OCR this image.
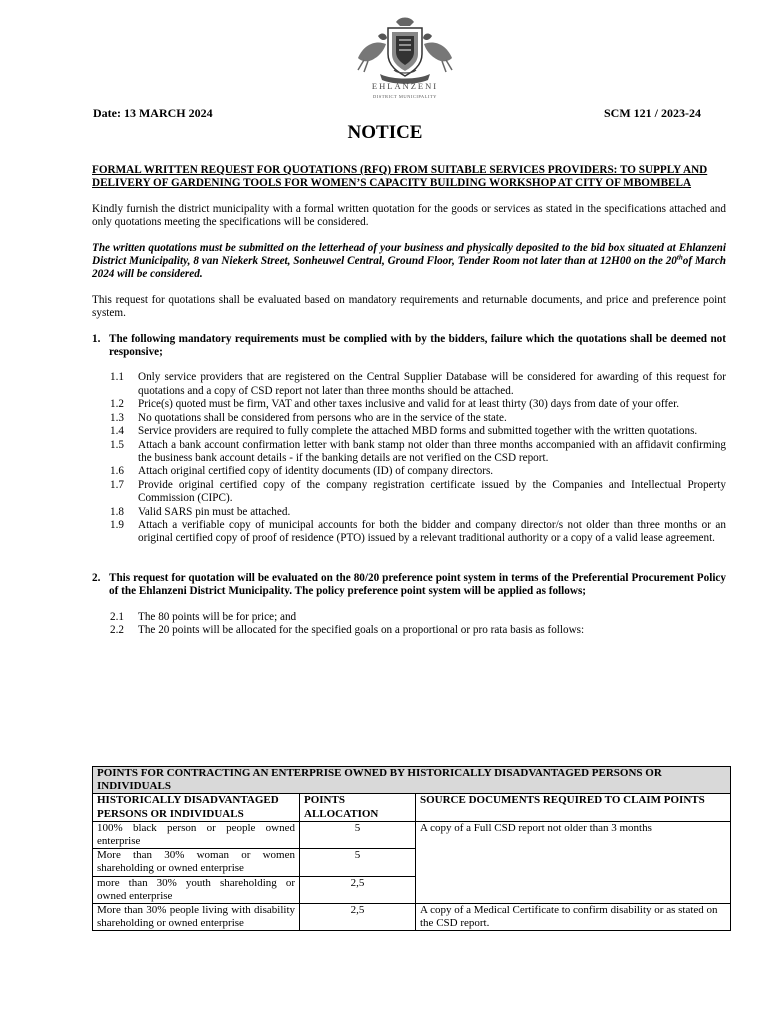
EHLANZENI
DISTRICT MUNICIPALITY
Date: 13 MARCH 2024	SCM 121 / 2023-24
NOTICE

FORMAL WRITTEN REQUEST FOR QUOTATIONS (RFQ) FROM SUITABLE SERVICES PROVIDERS: TO SUPPLY AND DELIVERY OF GARDENING TOOLS FOR WOMEN’S CAPACITY BUILDING WORKSHOP AT CITY OF MBOMBELA

Kindly furnish the district municipality with a formal written quotation for the goods or services as stated in the specifications attached and only quotations meeting the specifications will be considered.

The written quotations must be submitted on the letterhead of your business and physically deposited to the bid box situated at Ehlanzeni District Municipality, 8 van Niekerk Street, Sonheuwel Central, Ground Floor, Tender Room not later than at 12H00 on the 20thof March 2024 will be considered.

This request for quotations shall be evaluated based on mandatory requirements and returnable documents, and price and preference point system.

1. The following mandatory requirements must be complied with by the bidders, failure which the quotations shall be deemed not responsive;
1.1	Only service providers that are registered on the Central Supplier Database will be considered for awarding of this request for quotations and a copy of CSD report not later than three months should be attached.
1.2	Price(s) quoted must be firm, VAT and other taxes inclusive and valid for at least thirty (30) days from date of your offer.
1.3	No quotations shall be considered from persons who are in the service of the state.
1.4	Service providers are required to fully complete the attached MBD forms and submitted together with the written quotations.
1.5	Attach a bank account confirmation letter with bank stamp not older than three months accompanied with an affidavit confirming the business bank account details - if the banking details are not verified on the CSD report.
1.6	Attach original certified copy of identity documents (ID) of company directors.
1.7	Provide original certified copy of the company registration certificate issued by the Companies and Intellectual Property Commission (CIPC).
1.8	Valid SARS pin must be attached.
1.9	Attach a verifiable copy of municipal accounts for both the bidder and company director/s not older than three months or an original certified copy of proof of residence (PTO) issued by a relevant traditional authority or a copy of a valid lease agreement.
2. This request for quotation will be evaluated on the 80/20 preference point system in terms of the Preferential Procurement Policy of the Ehlanzeni District Municipality. The policy preference point system will be applied as follows;
2.1	The 80 points will be for price; and
2.2	The 20 points will be allocated for the specified goals on a proportional or pro rata basis as follows:
POINTS FOR CONTRACTING AN ENTERPRISE OWNED BY HISTORICALLY DISADVANTAGED PERSONS OR INDIVIDUALS		
HISTORICALLY DISADVANTAGED PERSONS OR INDIVIDUALS	POINTS ALLOCATION	SOURCE DOCUMENTS REQUIRED TO CLAIM POINTS
100% black person or people owned enterprise	5	A copy of a Full CSD report not older than 3 months
More than 30% woman or women shareholding or owned enterprise	5	
more than 30% youth shareholding or owned enterprise	2,5	
More than 30% people living with disability shareholding or owned enterprise	2,5	A copy of a Medical Certificate to confirm disability or as stated on the CSD report.
